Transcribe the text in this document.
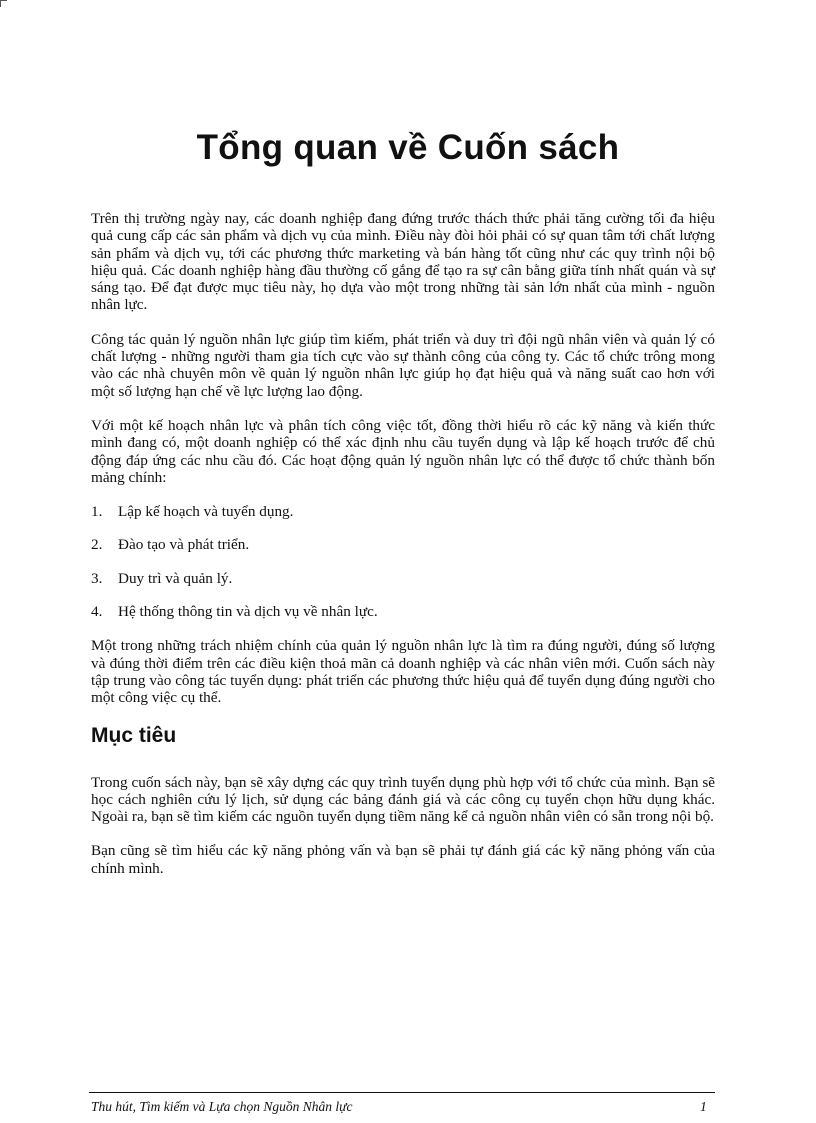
Tổng quan về Cuốn sách

Trên thị trường ngày nay, các doanh nghiệp đang đứng trước thách thức phải tăng cường tối đa hiệu quả cung cấp các sản phẩm và dịch vụ của mình. Điều này đòi hỏi phải có sự quan tâm tới chất lượng sản phẩm và dịch vụ, tới các phương thức marketing và bán hàng tốt cũng như các quy trình nội bộ hiệu quả. Các doanh nghiệp hàng đầu thường cố gắng để tạo ra sự cân bằng giữa tính nhất quán và sự sáng tạo. Để đạt được mục tiêu này, họ dựa vào một trong những tài sản lớn nhất của mình - nguồn nhân lực.

Công tác quản lý nguồn nhân lực giúp tìm kiếm, phát triển và duy trì đội ngũ nhân viên và quản lý có chất lượng - những người tham gia tích cực vào sự thành công của công ty. Các tổ chức trông mong vào các nhà chuyên môn về quản lý nguồn nhân lực giúp họ đạt hiệu quả và năng suất cao hơn với một số lượng hạn chế về lực lượng lao động.

Với một kế hoạch nhân lực và phân tích công việc tốt, đồng thời hiểu rõ các kỹ năng và kiến thức mình đang có, một doanh nghiệp có thể xác định nhu cầu tuyển dụng và lập kế hoạch trước để chủ động đáp ứng các nhu cầu đó. Các hoạt động quản lý nguồn nhân lực có thể được tổ chức thành bốn mảng chính:

1.	Lập kế hoạch và tuyển dụng.
2.	Đào tạo và phát triển.
3.	Duy trì và quản lý.
4.	Hệ thống thông tin và dịch vụ về nhân lực.

Một trong những trách nhiệm chính của quản lý nguồn nhân lực là tìm ra đúng người, đúng số lượng và đúng thời điểm trên các điều kiện thoả mãn cả doanh nghiệp và các nhân viên mới. Cuốn sách này tập trung vào công tác tuyển dụng: phát triển các phương thức hiệu quả để tuyển dụng đúng người cho một công việc cụ thể.

Mục tiêu

Trong cuốn sách này, bạn sẽ xây dựng các quy trình tuyển dụng phù hợp với tổ chức của mình. Bạn sẽ học cách nghiên cứu lý lịch, sử dụng các bảng đánh giá và các công cụ tuyển chọn hữu dụng khác. Ngoài ra, bạn sẽ tìm kiếm các nguồn tuyển dụng tiềm năng kể cả nguồn nhân viên có sẵn trong nội bộ.

Bạn cũng sẽ tìm hiểu các kỹ năng phỏng vấn và bạn sẽ phải tự đánh giá các kỹ năng phỏng vấn của chính mình.

Thu hút, Tìm kiếm và Lựa chọn Nguồn Nhân lực	1
